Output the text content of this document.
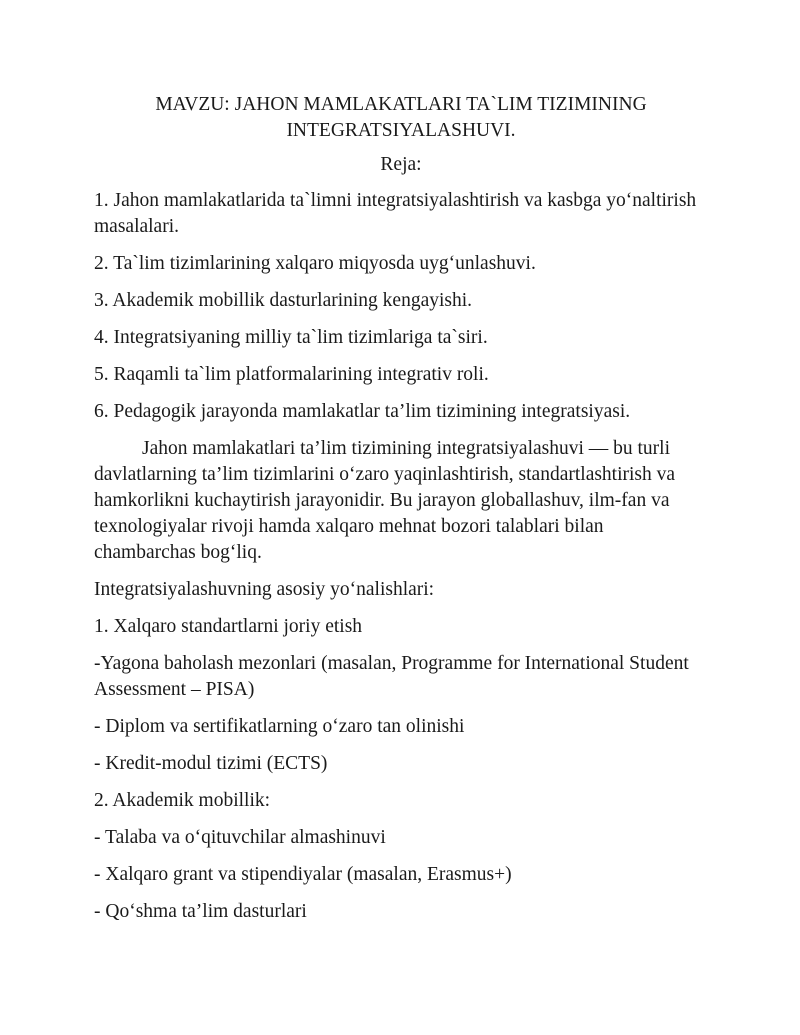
MAVZU: JAHON MAMLAKATLARI TA`LIM TIZIMINING
INTEGRATSIYALASHUVI.

Reja:

1. Jahon mamlakatlarida ta`limni integratsiyalashtirish va kasbga yo‘naltirish masalalari.

2. Ta`lim tizimlarining xalqaro miqyosda uyg‘unlashuvi.

3. Akademik mobillik dasturlarining kengayishi.

4. Integratsiyaning milliy ta`lim tizimlariga ta`siri.

5. Raqamli ta`lim platformalarining integrativ roli.

6. Pedagogik jarayonda mamlakatlar ta’lim tizimining integratsiyasi.

Jahon mamlakatlari ta’lim tizimining integratsiyalashuvi — bu turli davlatlarning ta’lim tizimlarini o‘zaro yaqinlashtirish, standartlashtirish va hamkorlikni kuchaytirish jarayonidir. Bu jarayon globallashuv, ilm-fan va texnologiyalar rivoji hamda xalqaro mehnat bozori talablari bilan chambarchas bog‘liq.

Integratsiyalashuvning asosiy yo‘nalishlari:

1. Xalqaro standartlarni joriy etish

-Yagona baholash mezonlari (masalan, Programme for International Student Assessment – PISA)

- Diplom va sertifikatlarning o‘zaro tan olinishi

- Kredit-modul tizimi (ECTS)

2. Akademik mobillik:

- Talaba va o‘qituvchilar almashinuvi

- Xalqaro grant va stipendiyalar (masalan, Erasmus+)

- Qo‘shma ta’lim dasturlari
